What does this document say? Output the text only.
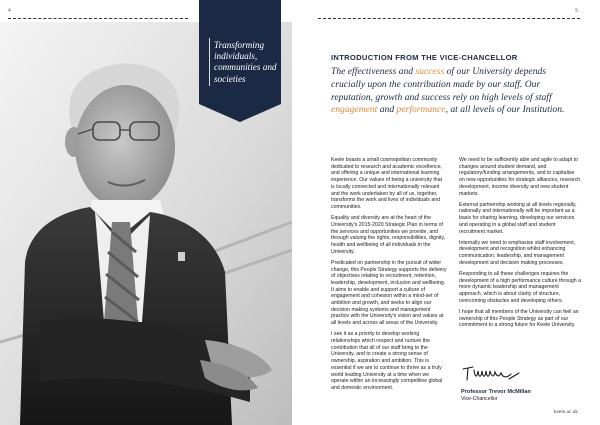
4
Transforming individuals, communities and societies
5
INTRODUCTION FROM THE VICE-CHANCELLOR
The effectiveness and success of our University depends crucially upon the contribution made by our staff. Our reputation, growth and success rely on high levels of staff engagement and performance, at all levels of our Institution.

Keele boasts a small cosmopolitan community dedicated to research and academic excellence, and offering a unique and international learning experience. Our values of being a university that is locally connected and internationally relevant and the work undertaken by all of us, together, transforms the work and lives of individuals and communities.

Equality and diversity are at the heart of the University's 2015-2020 Strategic Plan in terms of the services and opportunities we provide, and through valuing the rights, responsibilities, dignity, health and wellbeing of all individuals in the University.

Predicated on partnership in the pursuit of wider change, this People Strategy supports the delivery of objectives relating to recruitment, retention, leadership, development, inclusion and wellbeing. It aims to enable and support a culture of engagement and cohesion within a mind-set of ambition and growth, and seeks to align our decision making systems and management practice with the University's vision and values at all levels and across all areas of the University.

I see it as a priority to develop working relationships which respect and nurture the contribution that all of our staff bring to the University, and to create a strong sense of ownership, aspiration and ambition. This is essential if we are to continue to thrive as a truly world leading University at a time when we operate within an increasingly competitive global and domestic environment.

We need to be sufficiently able and agile to adapt to changes around student demand, and regulatory/funding arrangements, and to capitalise on new opportunities for strategic alliances, research development, income diversity and new student markets.

External partnership working at all levels regionally, nationally and internationally will be important as a basis for sharing learning, developing our services and operating in a global staff and student recruitment market.

Internally we need to emphasise staff involvement, development and recognition whilst enhancing communication, leadership, and management development and decision making processes.

Responding to all these challenges requires the development of a high performance culture through a more dynamic leadership and management approach, which is about clarity of structure, overcoming obstacles and developing others.

I hope that all members of the University can feel an ownership of this People Strategy as part of our commitment to a strong future for Keele University.

Professor Trevor McMillan
Vice-Chancellor
keele.ac.uk
